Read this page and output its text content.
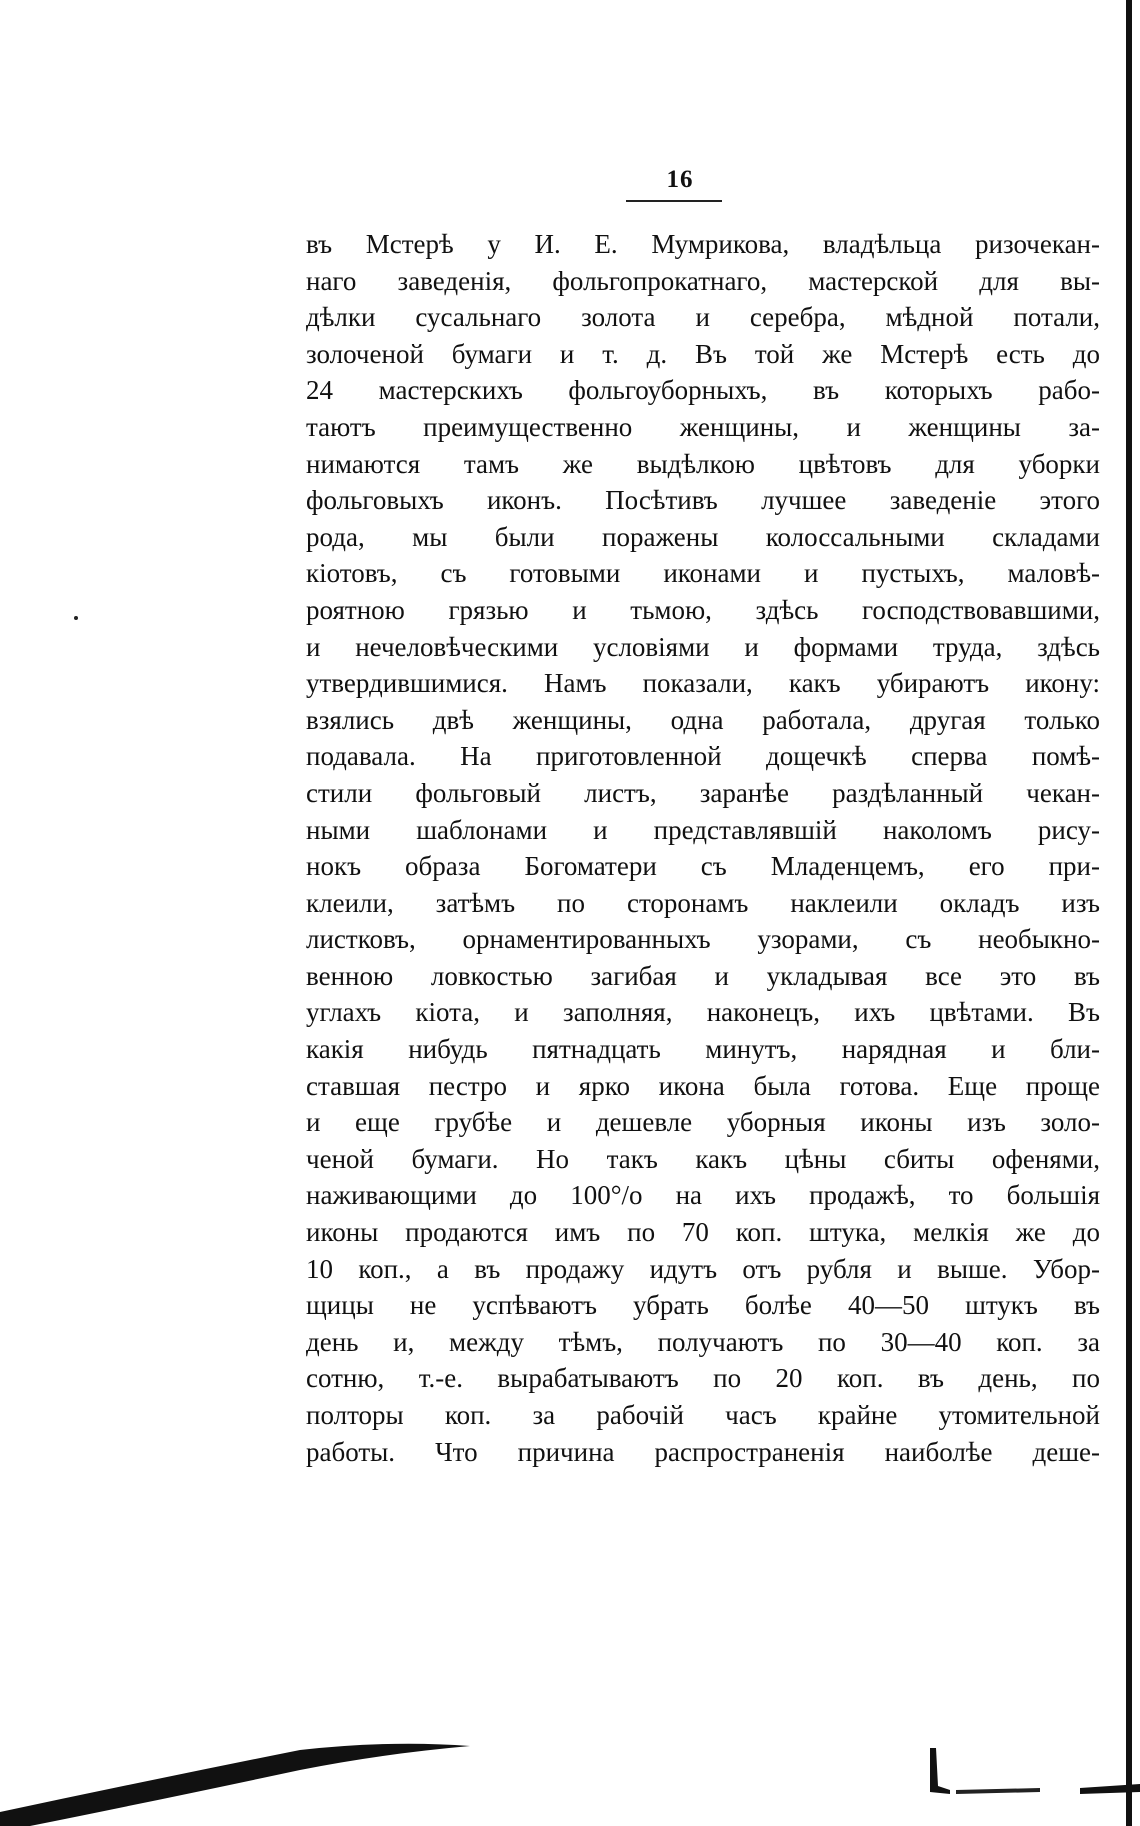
16
въ Мстерѣ у И. Е. Мумрикова, владѣльца ризочекан-
наго заведенія, фольгопрокатнаго, мастерской для вы-
дѣлки сусальнаго золота и серебра, мѣдной потали,
золоченой бумаги и т. д. Въ той же Мстерѣ есть до
24 мастерскихъ фольгоуборныхъ, въ которыхъ рабо-
таютъ преимущественно женщины, и женщины за-
нимаются тамъ же выдѣлкою цвѣтовъ для уборки
фольговыхъ иконъ. Посѣтивъ лучшее заведеніе этого
рода, мы были поражены колоссальными складами
кіотовъ, съ готовыми иконами и пустыхъ, маловѣ-
роятною грязью и тьмою, здѣсь господствовавшими,
и нечеловѣческими условіями и формами труда, здѣсь
утвердившимися. Намъ показали, какъ убираютъ икону:
взялись двѣ женщины, одна работала, другая только
подавала. На приготовленной дощечкѣ сперва помѣ-
стили фольговый листъ, заранѣе раздѣланный чекан-
ными шаблонами и представлявшій наколомъ рису-
нокъ образа Богоматери съ Младенцемъ, его при-
клеили, затѣмъ по сторонамъ наклеили окладъ изъ
листковъ, орнаментированныхъ узорами, съ необыкно-
венною ловкостью загибая и укладывая все это въ
углахъ кіота, и заполняя, наконецъ, ихъ цвѣтами. Въ
какія нибудь пятнадцать минутъ, нарядная и бли-
ставшая пестро и ярко икона была готова. Еще проще
и еще грубѣе и дешевле уборныя иконы изъ золо-
ченой бумаги. Но такъ какъ цѣны сбиты офенями,
наживающими до 100°/о на ихъ продажѣ, то большія
иконы продаются имъ по 70 коп. штука, мелкія же до
10 коп., а въ продажу идутъ отъ рубля и выше. Убор-
щицы не успѣваютъ убрать болѣе 40—50 штукъ въ
день и, между тѣмъ, получаютъ по 30—40 коп. за
сотню, т.-е. вырабатываютъ по 20 коп. въ день, по
полторы коп. за рабочій часъ крайне утомительной
работы. Что причина распространенія наиболѣе деше-
